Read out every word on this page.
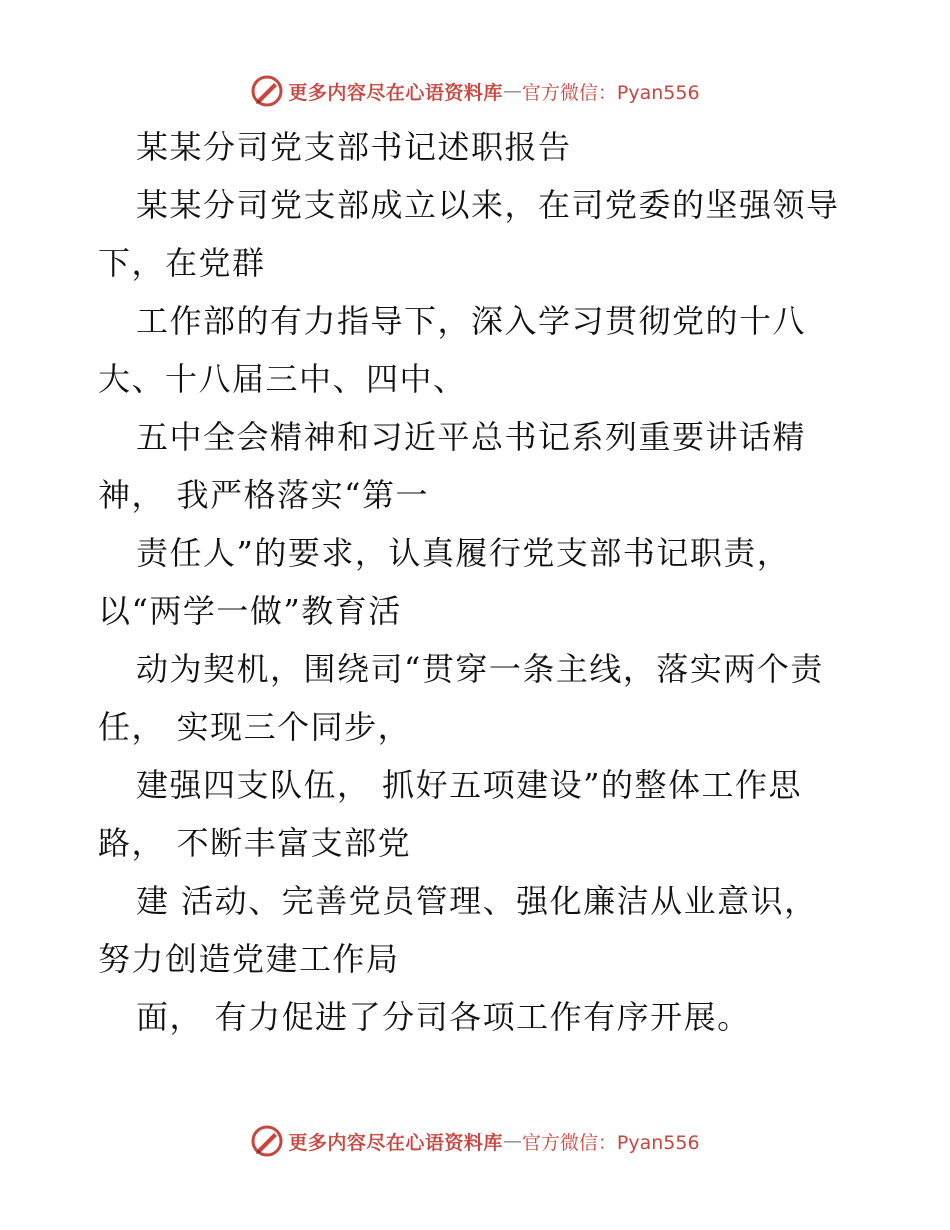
更多内容尽在心语资料库 — 官方微信：Pyan556
某某分司党支部书记述职报告
某某分司党支部成立以来，在司党委的坚强领导
下，在党群
工作部的有力指导下，深入学习贯彻党的十八
大、十八届三中、四中、
五中全会精神和习近平总书记系列重要讲话精
神， 我严格落实“第一
责任人”的要求，认真履行党支部书记职责，
以“两学一做”教育活
动为契机，围绕司“贯穿一条主线，落实两个责
任， 实现三个同步，
建强四支队伍， 抓好五项建设”的整体工作思
路， 不断丰富支部党
建 活动、完善党员管理、强化廉洁从业意识，
努力创造党建工作局
面， 有力促进了分司各项工作有序开展。
更多内容尽在心语资料库 — 官方微信：Pyan556
